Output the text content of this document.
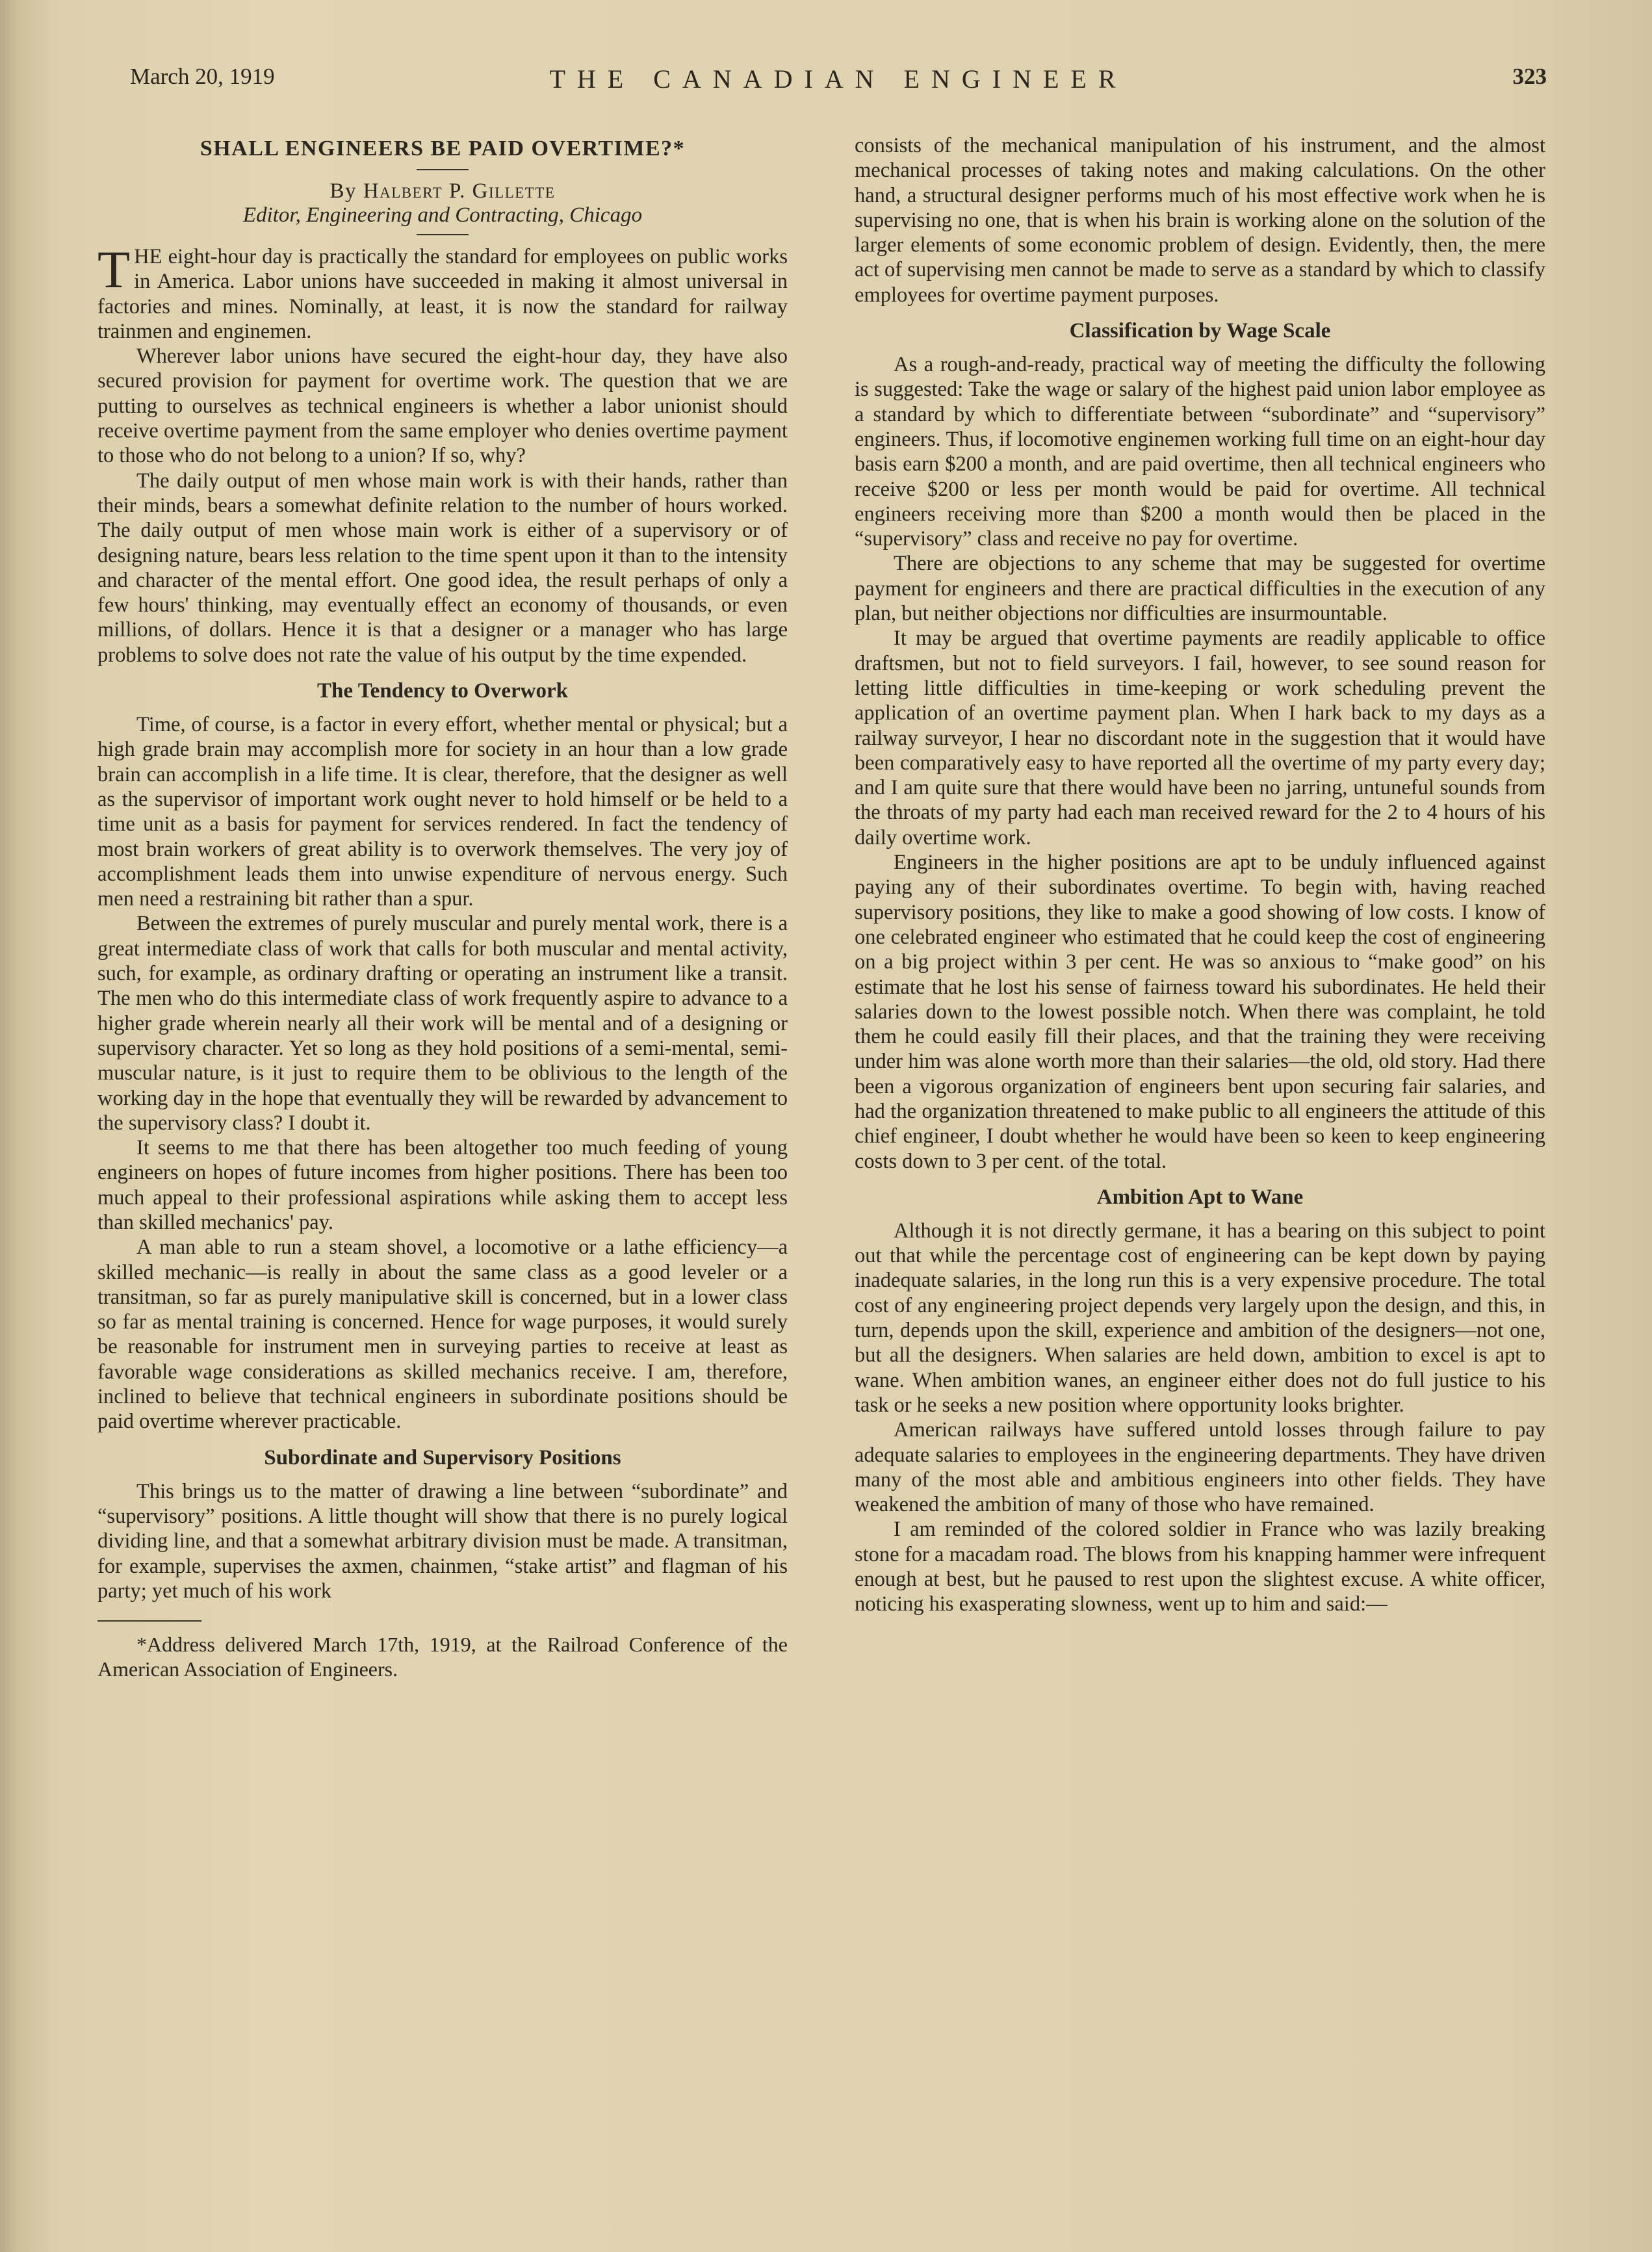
March 20, 1919	THE CANADIAN ENGINEER	323
SHALL ENGINEERS BE PAID OVERTIME?*
By Halbert P. Gillette
Editor, Engineering and Contracting, Chicago

THE eight-hour day is practically the standard for employees on public works in America. Labor unions have succeeded in making it almost universal in factories and mines. Nominally, at least, it is now the standard for railway trainmen and enginemen.

Wherever labor unions have secured the eight-hour day, they have also secured provision for payment for overtime work. The question that we are putting to ourselves as technical engineers is whether a labor unionist should receive overtime payment from the same employer who denies overtime payment to those who do not belong to a union? If so, why?

The daily output of men whose main work is with their hands, rather than their minds, bears a somewhat definite relation to the number of hours worked. The daily output of men whose main work is either of a supervisory or of designing nature, bears less relation to the time spent upon it than to the intensity and character of the mental effort. One good idea, the result perhaps of only a few hours' thinking, may eventually effect an economy of thousands, or even millions, of dollars. Hence it is that a designer or a manager who has large problems to solve does not rate the value of his output by the time expended.

The Tendency to Overwork

Time, of course, is a factor in every effort, whether mental or physical; but a high grade brain may accomplish more for society in an hour than a low grade brain can accomplish in a life time. It is clear, therefore, that the designer as well as the supervisor of important work ought never to hold himself or be held to a time unit as a basis for payment for services rendered. In fact the tendency of most brain workers of great ability is to overwork themselves. The very joy of accomplishment leads them into unwise expenditure of nervous energy. Such men need a restraining bit rather than a spur.

Between the extremes of purely muscular and purely mental work, there is a great intermediate class of work that calls for both muscular and mental activity, such, for example, as ordinary drafting or operating an instrument like a transit. The men who do this intermediate class of work frequently aspire to advance to a higher grade wherein nearly all their work will be mental and of a designing or supervisory character. Yet so long as they hold positions of a semi-mental, semi-muscular nature, is it just to require them to be oblivious to the length of the working day in the hope that eventually they will be rewarded by advancement to the supervisory class? I doubt it.

It seems to me that there has been altogether too much feeding of young engineers on hopes of future incomes from higher positions. There has been too much appeal to their professional aspirations while asking them to accept less than skilled mechanics' pay.

A man able to run a steam shovel, a locomotive or a lathe efficiency—a skilled mechanic—is really in about the same class as a good leveler or a transitman, so far as purely manipulative skill is concerned, but in a lower class so far as mental training is concerned. Hence for wage purposes, it would surely be reasonable for instrument men in surveying parties to receive at least as favorable wage considerations as skilled mechanics receive. I am, therefore, inclined to believe that technical engineers in subordinate positions should be paid overtime wherever practicable.

Subordinate and Supervisory Positions

This brings us to the matter of drawing a line between “subordinate” and “supervisory” positions. A little thought will show that there is no purely logical dividing line, and that a somewhat arbitrary division must be made. A transitman, for example, supervises the axmen, chainmen, “stake artist” and flagman of his party; yet much of his work

*Address delivered March 17th, 1919, at the Railroad Conference of the American Association of Engineers.

consists of the mechanical manipulation of his instrument, and the almost mechanical processes of taking notes and making calculations. On the other hand, a structural designer performs much of his most effective work when he is supervising no one, that is when his brain is working alone on the solution of the larger elements of some economic problem of design. Evidently, then, the mere act of supervising men cannot be made to serve as a standard by which to classify employees for overtime payment purposes.

Classification by Wage Scale

As a rough-and-ready, practical way of meeting the difficulty the following is suggested: Take the wage or salary of the highest paid union labor employee as a standard by which to differentiate between “subordinate” and “supervisory” engineers. Thus, if locomotive enginemen working full time on an eight-hour day basis earn $200 a month, and are paid overtime, then all technical engineers who receive $200 or less per month would be paid for overtime. All technical engineers receiving more than $200 a month would then be placed in the “supervisory” class and receive no pay for overtime.

There are objections to any scheme that may be suggested for overtime payment for engineers and there are practical difficulties in the execution of any plan, but neither objections nor difficulties are insurmountable.

It may be argued that overtime payments are readily applicable to office draftsmen, but not to field surveyors. I fail, however, to see sound reason for letting little difficulties in time-keeping or work scheduling prevent the application of an overtime payment plan. When I hark back to my days as a railway surveyor, I hear no discordant note in the suggestion that it would have been comparatively easy to have reported all the overtime of my party every day; and I am quite sure that there would have been no jarring, untuneful sounds from the throats of my party had each man received reward for the 2 to 4 hours of his daily overtime work.

Engineers in the higher positions are apt to be unduly influenced against paying any of their subordinates overtime. To begin with, having reached supervisory positions, they like to make a good showing of low costs. I know of one celebrated engineer who estimated that he could keep the cost of engineering on a big project within 3 per cent. He was so anxious to “make good” on his estimate that he lost his sense of fairness toward his subordinates. He held their salaries down to the lowest possible notch. When there was complaint, he told them he could easily fill their places, and that the training they were receiving under him was alone worth more than their salaries—the old, old story. Had there been a vigorous organization of engineers bent upon securing fair salaries, and had the organization threatened to make public to all engineers the attitude of this chief engineer, I doubt whether he would have been so keen to keep engineering costs down to 3 per cent. of the total.

Ambition Apt to Wane

Although it is not directly germane, it has a bearing on this subject to point out that while the percentage cost of engineering can be kept down by paying inadequate salaries, in the long run this is a very expensive procedure. The total cost of any engineering project depends very largely upon the design, and this, in turn, depends upon the skill, experience and ambition of the designers—not one, but all the designers. When salaries are held down, ambition to excel is apt to wane. When ambition wanes, an engineer either does not do full justice to his task or he seeks a new position where opportunity looks brighter.

American railways have suffered untold losses through failure to pay adequate salaries to employees in the engineering departments. They have driven many of the most able and ambitious engineers into other fields. They have weakened the ambition of many of those who have remained.

I am reminded of the colored soldier in France who was lazily breaking stone for a macadam road. The blows from his knapping hammer were infrequent enough at best, but he paused to rest upon the slightest excuse. A white officer, noticing his exasperating slowness, went up to him and said:—
